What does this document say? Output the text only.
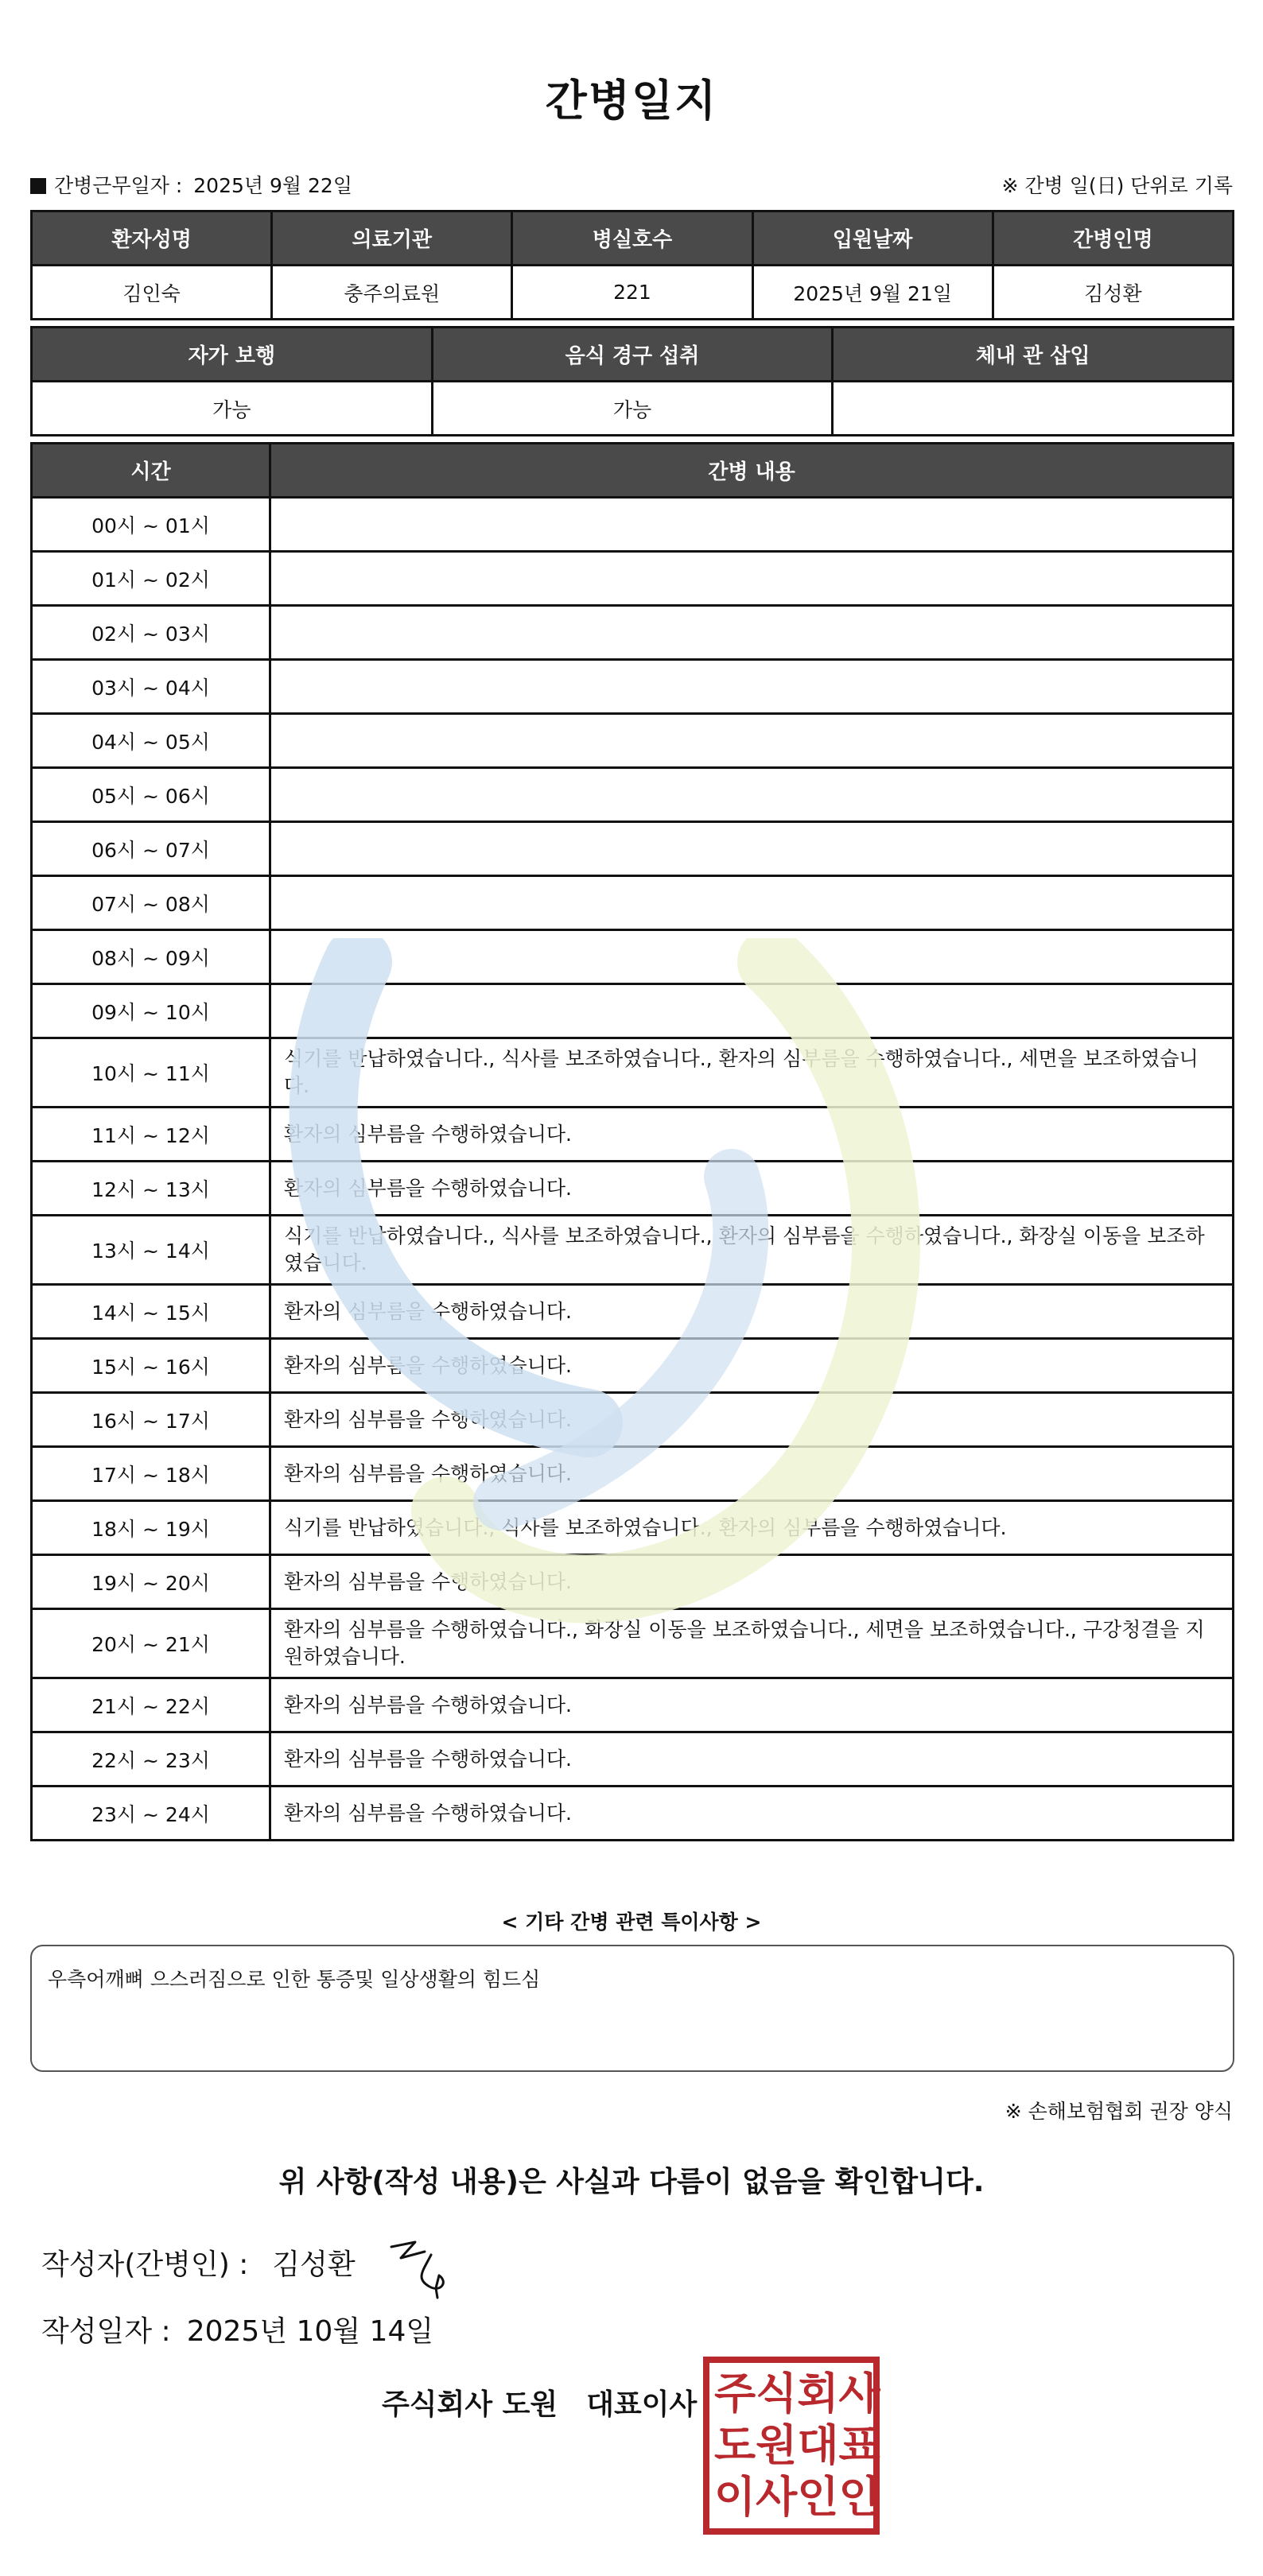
간병일지
간병근무일자 : 2025년 9월 22일	※ 간병 일(日) 단위로 기록
환자성명	의료기관	병실호수	입원날짜	간병인명
김인숙	충주의료원	221	2025년 9월 21일	김성환
자가 보행	음식 경구 섭취	체내 관 삽입
가능	가능	
시간	간병 내용
00시 ~ 01시	
01시 ~ 02시	
02시 ~ 03시	
03시 ~ 04시	
04시 ~ 05시	
05시 ~ 06시	
06시 ~ 07시	
07시 ~ 08시	
08시 ~ 09시	
09시 ~ 10시	
10시 ~ 11시	식기를 반납하였습니다., 식사를 보조하였습니다., 환자의 심부름을 수행하였습니다., 세면을 보조하였습니다.
11시 ~ 12시	환자의 심부름을 수행하였습니다.
12시 ~ 13시	환자의 심부름을 수행하였습니다.
13시 ~ 14시	식기를 반납하였습니다., 식사를 보조하였습니다., 환자의 심부름을 수행하였습니다., 화장실 이동을 보조하였습니다.
14시 ~ 15시	환자의 심부름을 수행하였습니다.
15시 ~ 16시	환자의 심부름을 수행하였습니다.
16시 ~ 17시	환자의 심부름을 수행하였습니다.
17시 ~ 18시	환자의 심부름을 수행하였습니다.
18시 ~ 19시	식기를 반납하였습니다., 식사를 보조하였습니다., 환자의 심부름을 수행하였습니다.
19시 ~ 20시	환자의 심부름을 수행하였습니다.
20시 ~ 21시	환자의 심부름을 수행하였습니다., 화장실 이동을 보조하였습니다., 세면을 보조하였습니다., 구강청결을 지원하였습니다.
21시 ~ 22시	환자의 심부름을 수행하였습니다.
22시 ~ 23시	환자의 심부름을 수행하였습니다.
23시 ~ 24시	환자의 심부름을 수행하였습니다.
< 기타 간병 관련 특이사항 >
우측어깨뼈 으스러짐으로 인한 통증및 일상생활의 힘드심
※ 손해보험협회 권장 양식
위 사항(작성 내용)은 사실과 다름이 없음을 확인합니다.
작성자(간병인) : 김성환
작성일자 : 2025년 10월 14일
주식회사 도원 대표이사 주 식 회 사
도 원 대 표
이 사 인 인
